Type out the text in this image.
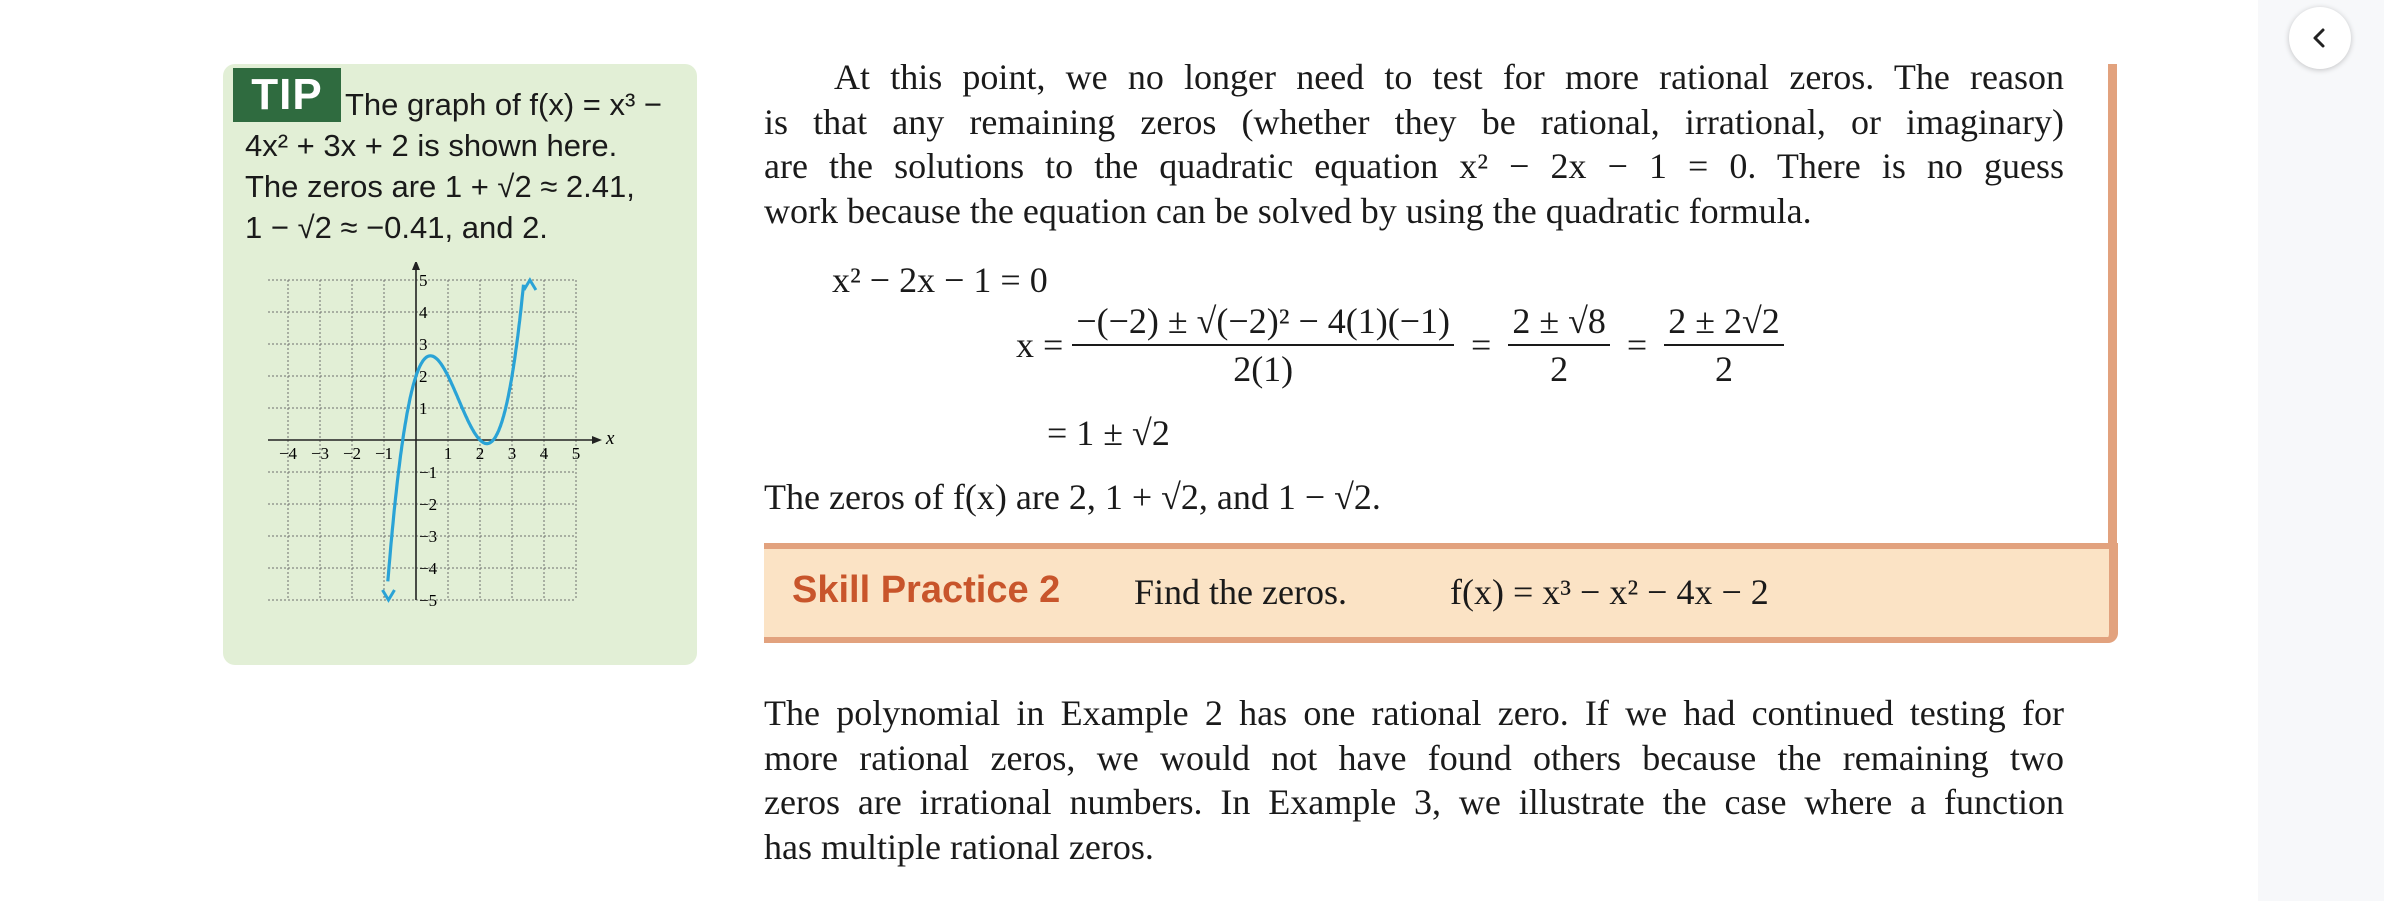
TIP The graph of f(x) = x³ −
4x² + 3x + 2 is shown here.
The zeros are 1 + √2 ≈ 2.41,
1 − √2 ≈ −0.41, and 2.
−4 −3 −2 −1	1 2 3 4 5
5
4
3
2
1
−1
−2
−3
−4
−5
x
At this point, we no longer need to test for more rational zeros. The reason
is that any remaining zeros (whether they be rational, irrational, or imaginary)
are the solutions to the quadratic equation x² − 2x − 1 = 0. There is no guess
work because the equation can be solved by using the quadratic formula.
x² − 2x − 1 = 0
$x = \frac{\text{−(−2) ± √(−2)² − 4(1)(−1)}}{2(1)} = \frac{2 \pm √8}{2} = \frac{2 \pm 2√2}{2}$
= 1 ± √2
The zeros of f(x) are 2, 1 + √2, and 1 − √2.
Skill Practice 2 Find the zeros.	f(x) = x³ − x² − 4x − 2
The polynomial in Example 2 has one rational zero. If we had continued testing for
more rational zeros, we would not have found others because the remaining two
zeros are irrational numbers. In Example 3, we illustrate the case where a function
has multiple rational zeros.
